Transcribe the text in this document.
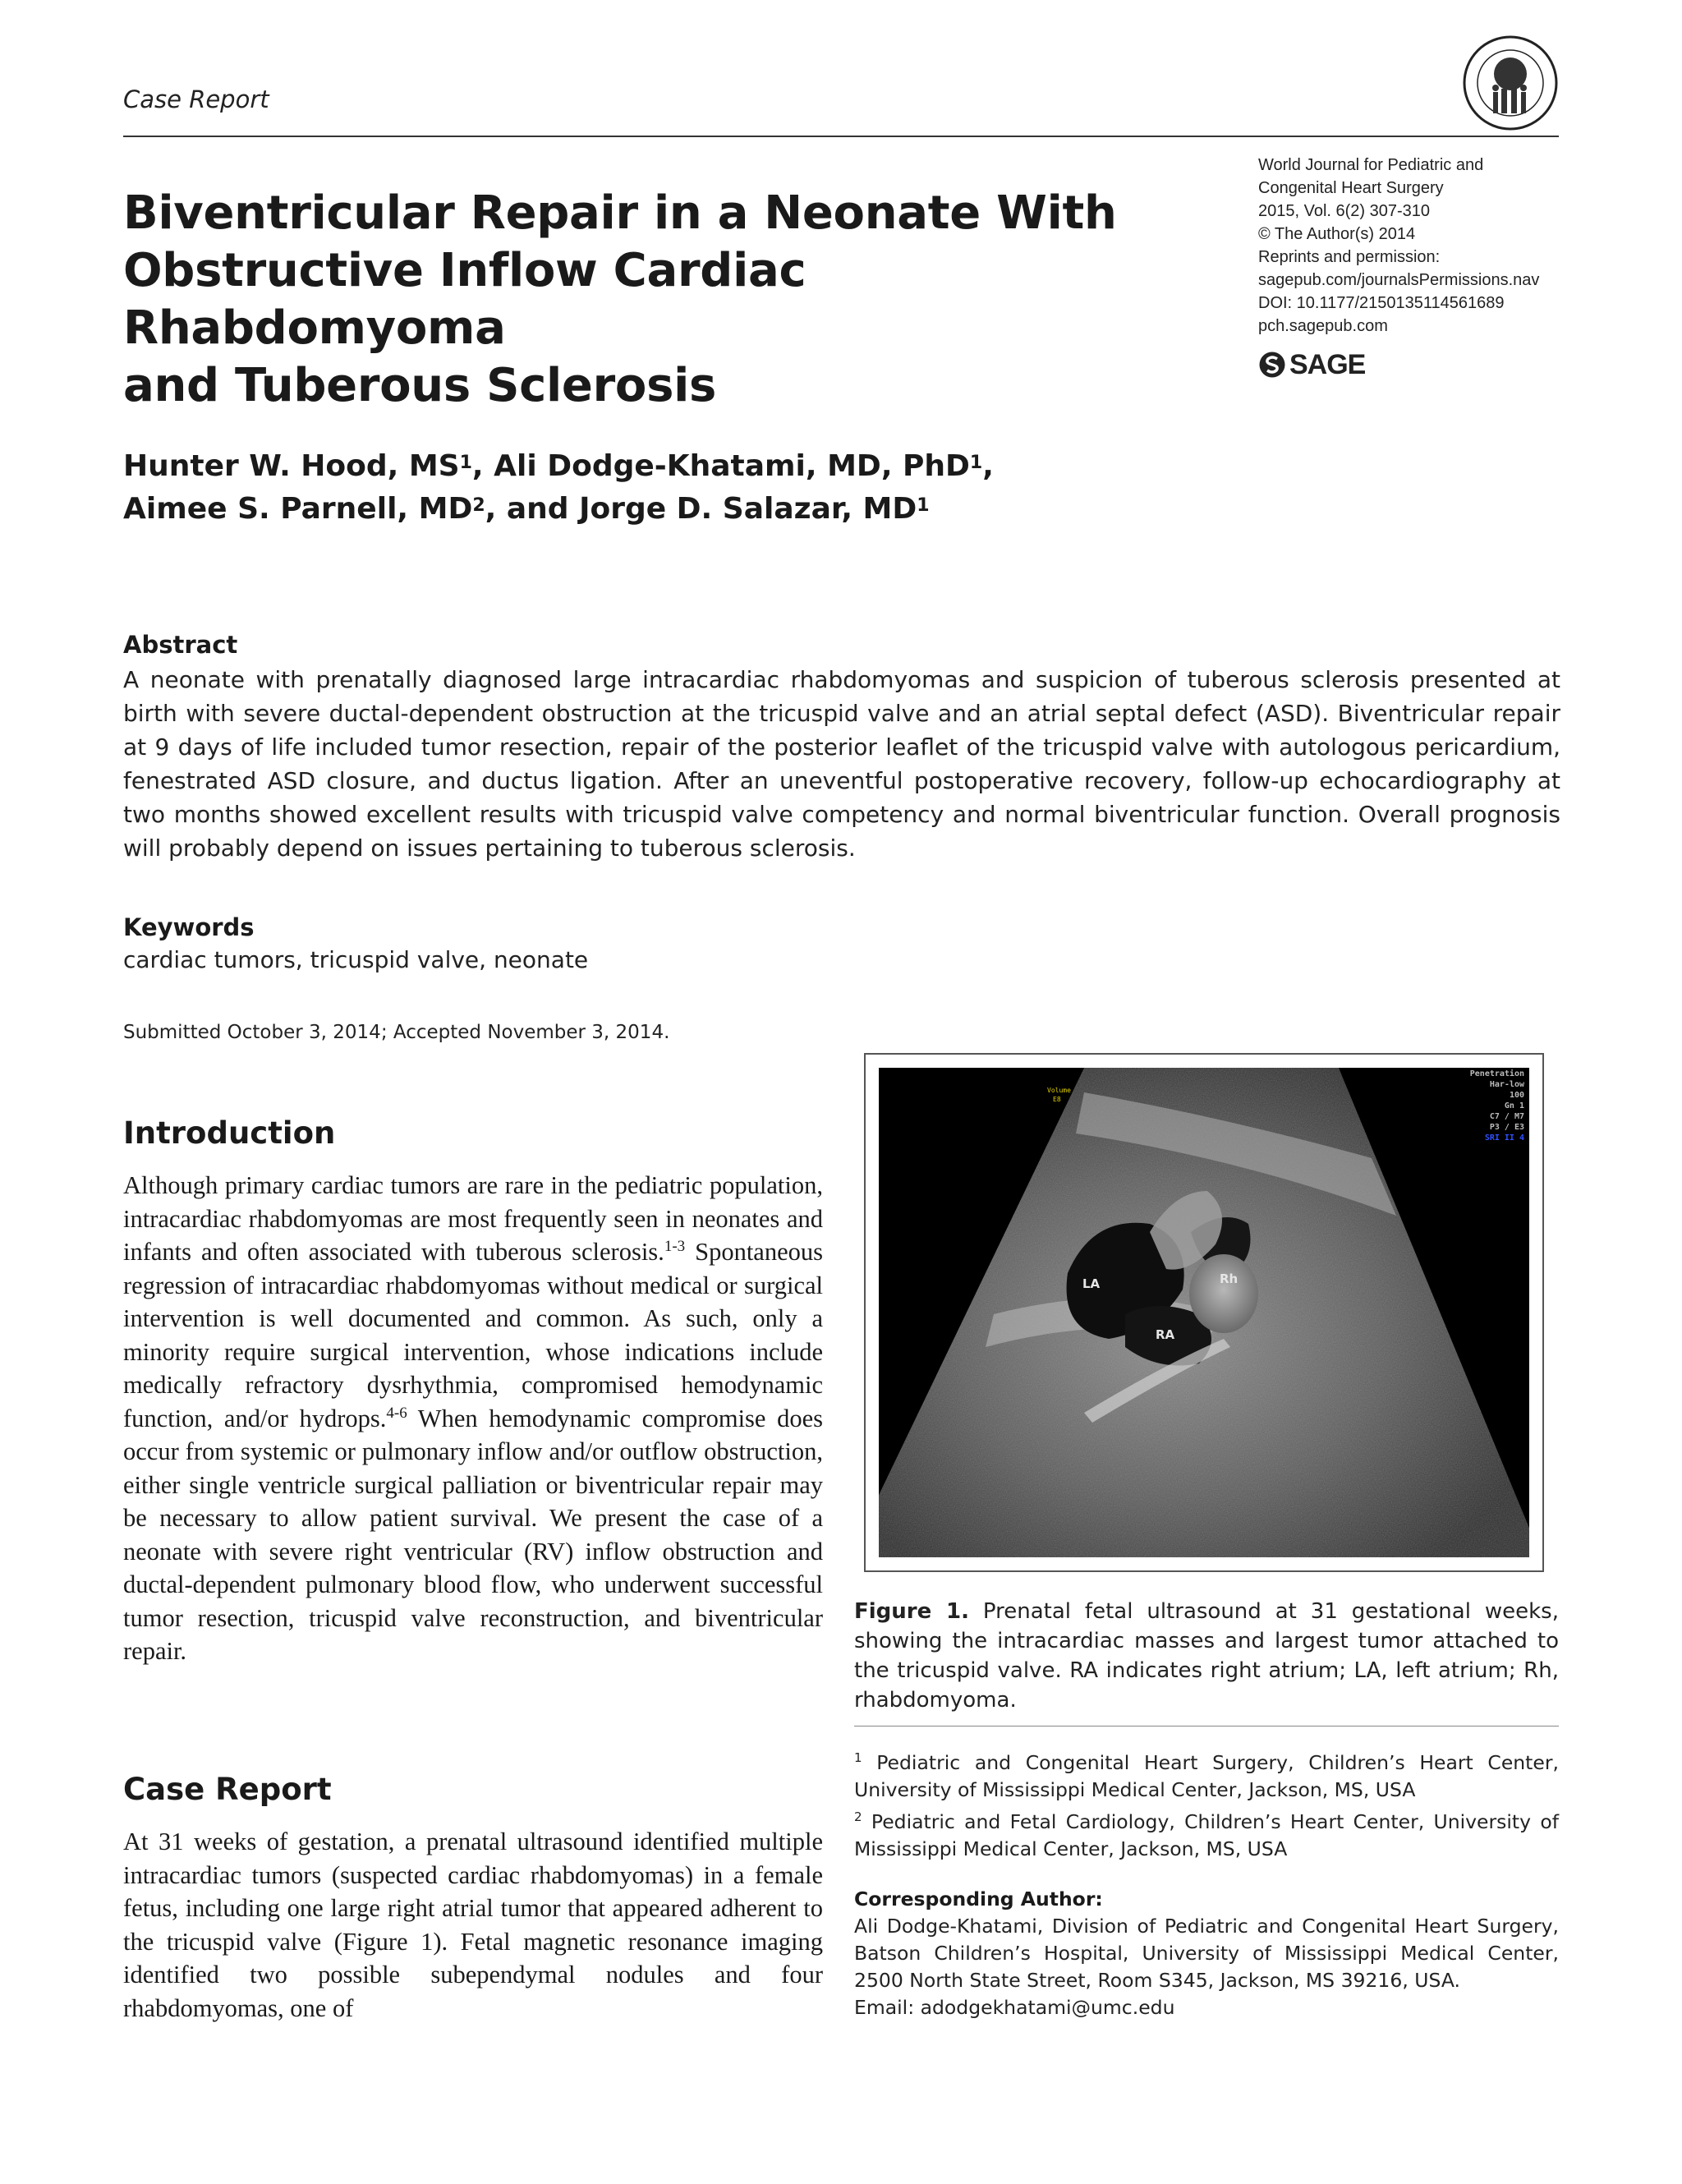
Case Report
Biventricular Repair in a Neonate With
Obstructive Inflow Cardiac Rhabdomyoma
and Tuberous Sclerosis
World Journal for Pediatric and
Congenital Heart Surgery
2015, Vol. 6(2) 307-310
© The Author(s) 2014
Reprints and permission:
sagepub.com/journalsPermissions.nav
DOI: 10.1177/2150135114561689
pch.sagepub.com
SAGE
Hunter W. Hood, $MS^1$, Ali Dodge-Khatami, MD, PhD$^1$,
Aimee S. Parnell, $MD^2$, and Jorge D. Salazar, $MD^1$
Abstract
A neonate with prenatally diagnosed large intracardiac rhabdomyomas and suspicion of tuberous sclerosis presented at birth with severe ductal-dependent obstruction at the tricuspid valve and an atrial septal defect (ASD). Biventricular repair at 9 days of life included tumor resection, repair of the posterior leaflet of the tricuspid valve with autologous pericardium, fenestrated ASD closure, and ductus ligation. After an uneventful postoperative recovery, follow-up echocardiography at two months showed excellent results with tricuspid valve competency and normal biventricular function. Overall prognosis will probably depend on issues pertaining to tuberous sclerosis.
Keywords
cardiac tumors, tricuspid valve, neonate
Submitted October 3, 2014; Accepted November 3, 2014.
Introduction
Although primary cardiac tumors are rare in the pediatric population, intracardiac rhabdomyomas are most frequently seen in neonates and infants and often associated with tuberous sclerosis.$^{1-3}$ Spontaneous regression of intracardiac rhabdomyomas without medical or surgical intervention is well documented and common. As such, only a minority require surgical intervention, whose indications include medically refractory dysrhythmia, compromised hemodynamic function, and/or hydrops.$^{4-6}$ When hemodynamic compromise does occur from systemic or pulmonary inflow and/or outflow obstruction, either single ventricle surgical palliation or biventricular repair may be necessary to allow patient survival. We present the case of a neonate with severe right ventricular (RV) inflow obstruction and ductal-dependent pulmonary blood flow, who underwent successful tumor resection, tricuspid valve reconstruction, and biventricular repair.
Case Report
At 31 weeks of gestation, a prenatal ultrasound identified multiple intracardiac tumors (suspected cardiac rhabdomyomas) in a female fetus, including one large right atrial tumor that appeared adherent to the tricuspid valve (Figure 1). Fetal magnetic resonance imaging identified two possible subependymal nodules and four rhabdomyomas, one of
LA
RA
Rh
Volume
E8
Penetration
Har-low
100
Gn 1
C7 / M7
P3 / E3
SRI II 4
Figure 1. Prenatal fetal ultrasound at 31 gestational weeks, showing the intracardiac masses and largest tumor attached to the tricuspid valve. RA indicates right atrium; LA, left atrium; Rh, rhabdomyoma.
$^1$ Pediatric and Congenital Heart Surgery, Children’s Heart Center, University of Mississippi Medical Center, Jackson, MS, USA
$^2$ Pediatric and Fetal Cardiology, Children’s Heart Center, University of Mississippi Medical Center, Jackson, MS, USA
Corresponding Author:
Ali Dodge-Khatami, Division of Pediatric and Congenital Heart Surgery, Batson Children’s Hospital, University of Mississippi Medical Center, 2500 North State Street, Room S345, Jackson, MS 39216, USA.
Email: adodgekhatami@umc.edu
